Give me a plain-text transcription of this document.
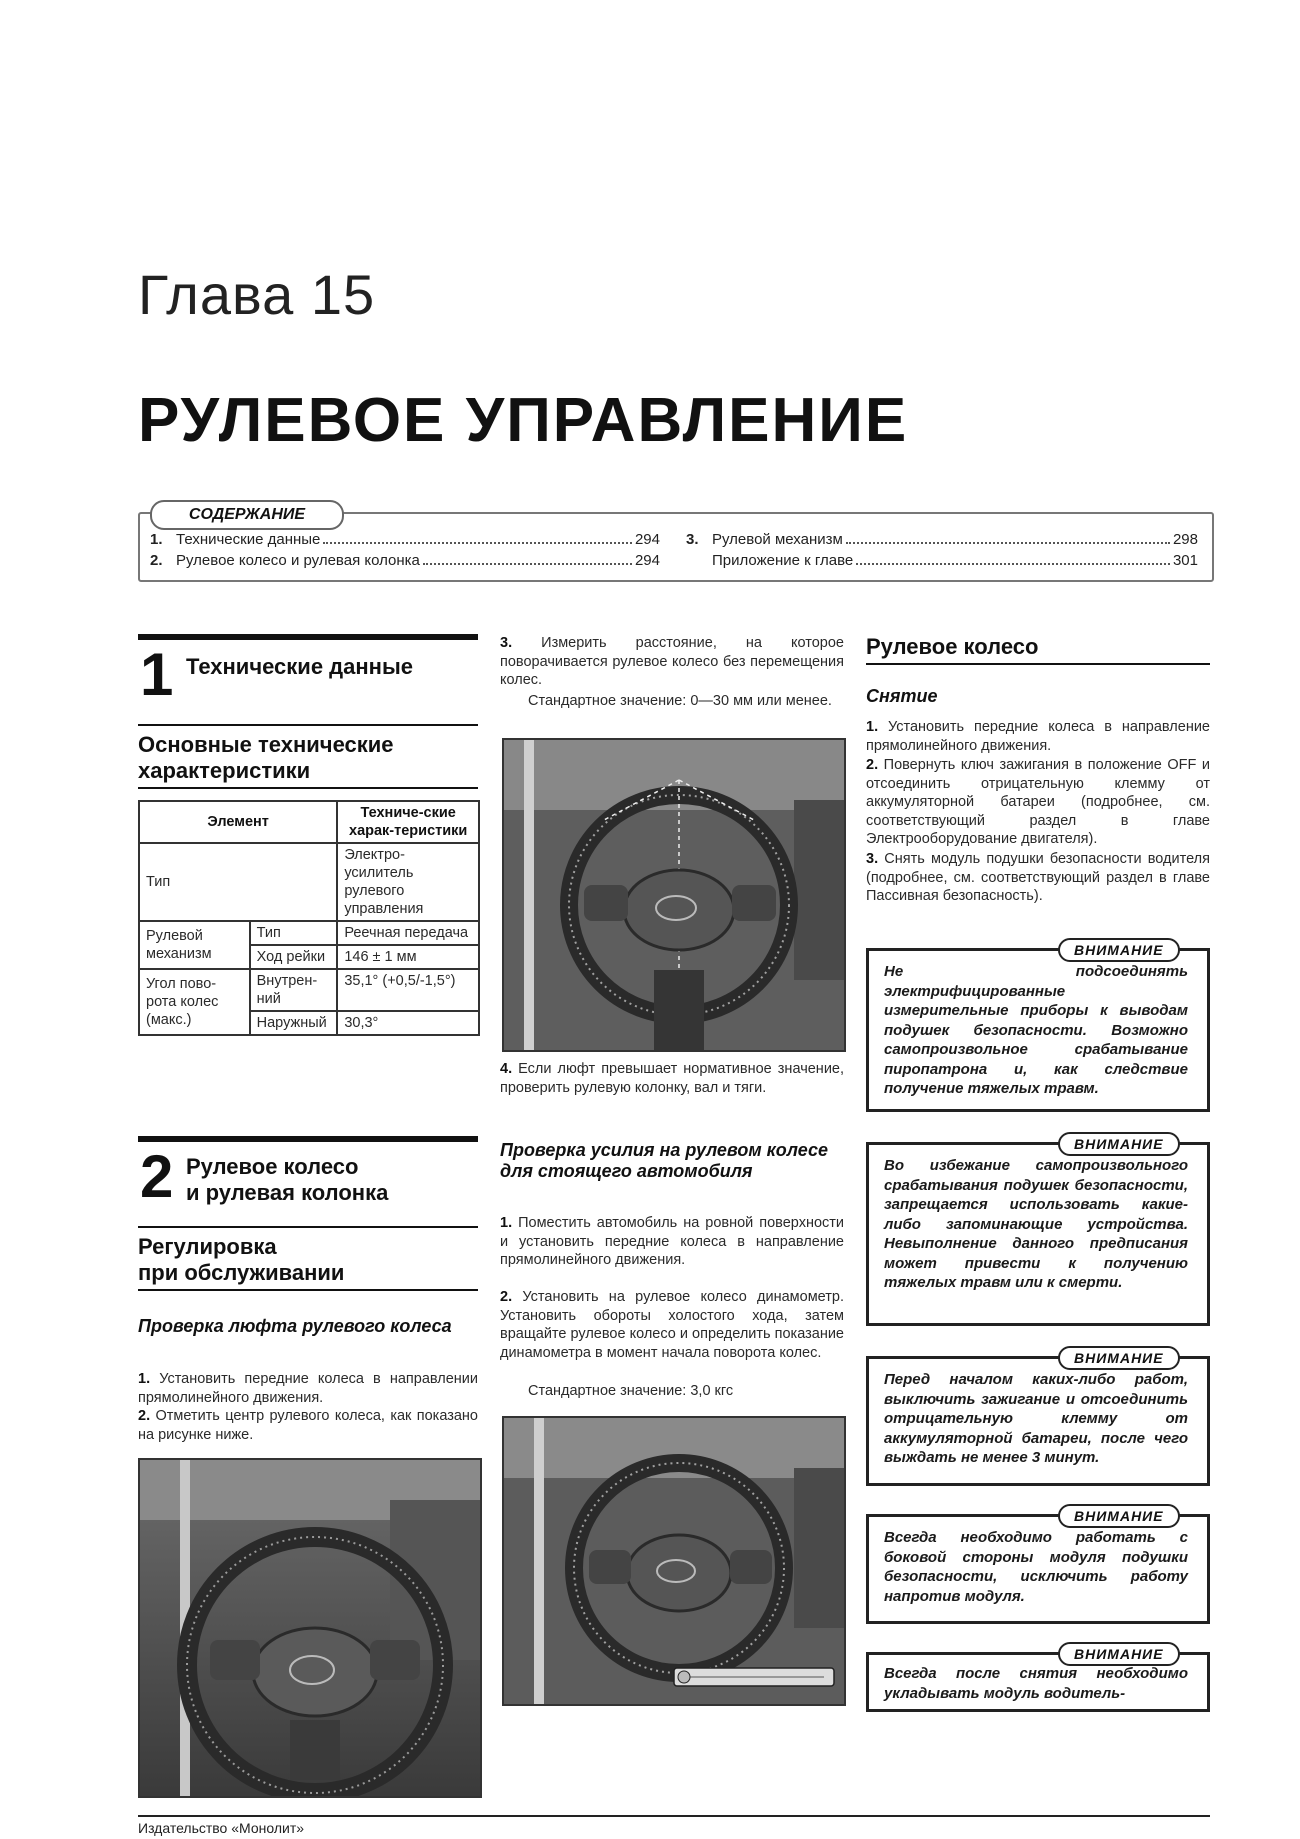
Глава 15
РУЛЕВОЕ УПРАВЛЕНИЕ
СОДЕРЖАНИЕ
1. Технические данные	294
2. Рулевое колесо и рулевая колонка	294
3. Рулевой механизм	298
Приложение к главе	301
1 Технические данные
Основные технические характеристики
Элемент		Техниче-ские харак-теристики
Тип		Электро-усилитель рулевого управления
Рулевой механизм	Тип	Реечная передача
	Ход рейки	146 ± 1 мм
Угол пово-рота колес (макс.)	Внутрен-ний	35,1° (+0,5/-1,5°)
	Наружный	30,3°
2 Рулевое колесо
и рулевая колонка
Регулировка
при обслуживании
Проверка люфта рулевого колеса
1. Установить передние колеса в направлении прямолинейного движения.
2. Отметить центр рулевого колеса, как показано на рисунке ниже.
3. Измерить расстояние, на которое поворачивается рулевое колесо без перемещения колес.
Стандартное значение: 0—30 мм или менее.
4. Если люфт превышает нормативное значение, проверить рулевую колонку, вал и тяги.
Проверка усилия на рулевом колесе для стоящего автомобиля
1. Поместить автомобиль на ровной поверхности и установить передние колеса в направление прямолинейного движения.
2. Установить на рулевое колесо динамометр. Установить обороты холостого хода, затем вращайте рулевое колесо и определить показание динамометра в момент начала поворота колес.
Стандартное значение: 3,0 кгс
Рулевое колесо
Снятие
1. Установить передние колеса в направление прямолинейного движения.
2. Повернуть ключ зажигания в положение OFF и отсоединить отрицательную клемму от аккумуляторной батареи (подробнее, см. соответствующий раздел в главе Электрооборудование двигателя).
3. Снять модуль подушки безопасности водителя (подробнее, см. соответствующий раздел в главе Пассивная безопасность).
ВНИМАНИЕ
Не подсоединять электрифицированные измерительные приборы к выводам подушек безопасности. Возможно самопроизвольное срабатывание пиропатрона и, как следствие получение тяжелых травм.
ВНИМАНИЕ
Во избежание самопроизвольного срабатывания подушек безопасности, запрещается использовать какие-либо запоминающие устройства. Невыполнение данного предписания может привести к получению тяжелых травм или к смерти.
ВНИМАНИЕ
Перед началом каких-либо работ, выключить зажигание и отсоединить отрицательную клемму от аккумуляторной батареи, после чего выждать не менее 3 минут.
ВНИМАНИЕ
Всегда необходимо работать с боковой стороны модуля подушки безопасности, исключить работу напротив модуля.
ВНИМАНИЕ
Всегда после снятия необходимо укладывать модуль водитель-
Издательство «Монолит»
